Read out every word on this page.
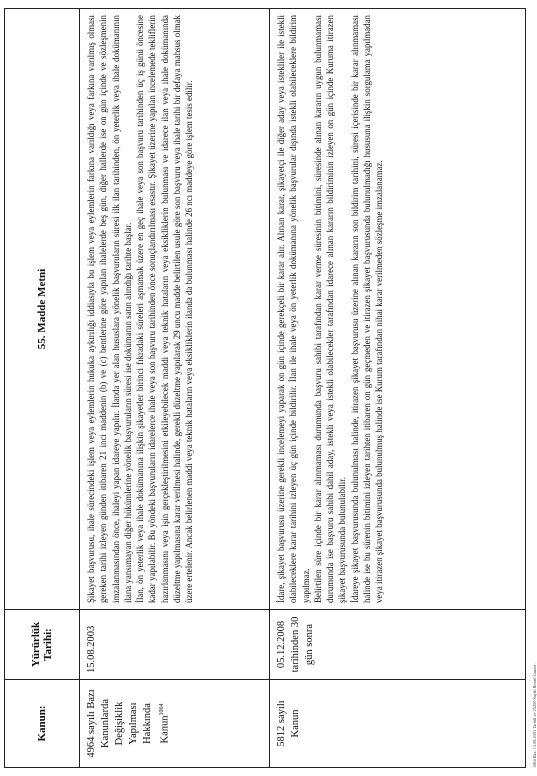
Kanun:	Yürürlük Tarihi:	55. Madde Metni
4964 sayılı Bazı Kanunlarda Değişiklik Yapılması Hakkında Kanun$^{1064}$	15.08.2003	Şikayet başvurusu, ihale sürecindeki işlem veya eylemlerin hukuka aykırılığı iddiasıyla bu işlem veya eylemlerin farkına varıldığı veya farkına varılmış olması gereken tarihi izleyen günden itibaren 21 inci maddenin (b) ve (c) bentlerine göre yapılan ihalelerde beş gün, diğer hallerde ise on gün içinde ve sözleşmenin imzalanmasından önce, ihaleyi yapan idareye yapılır. İlanda yer alan hususlara yönelik başvuruların süresi ilk ilan tarihinden, ön yeterlik veya ihale dokümanının ilana yansımayan diğer hükümlerine yönelik başvuruların süresi ise dokümanın satın alındığı tarihte başlar. İlan, ön yeterlik veya ihale dokümanına ilişkin şikayetler birinci fıkradaki süreleri aşmamak üzere en geç ihale veya son başvuru tarihinden üç iş günü öncesine kadar yapılabilir. Bu yöndeki başvuruların idarelerce ihale veya son başvuru tarihinden önce sonuçlandırılması esastır. Şikayet üzerine yapılan incelemede tekliflerin hazırlanmasını veya işin gerçekleştirilmesini etkileyebilecek maddi veya teknik hataların veya eksikliklerin bulunması ve idarece ilan veya ihale dokümanında düzeltme yapılmasına karar verilmesi halinde, gerekli düzeltme yapılarak 29 uncu madde belirtilen usule göre son başvuru veya ihale tarihi bir defaya mahsus olmak üzere ertelenir. Ancak belirlenen maddi veya teknik hataların veya eksikliklerin ilanda da bulunması halinde 26 ncı maddeye göre işlem tesis edilir.

5812 sayılı Kanun	05.12.2008 tarihinden 30 gün sonra	İdare, şikayet başvurusu üzerine gerekli incelemeyi yaparak on gün içinde gerekçeli bir karar alır. Alınan karar, şikayetçi ile diğer aday veya istekliler ile istekli olabileceklere karar tarihini izleyen üç gün içinde bildirilir. İlan ile ihale veya ön yeterlik dokümanına yönelik başvurular dışında istekli olabileceklere bildirim yapılmaz. Belirtilen süre içinde bir karar alınmaması durumunda başvuru sahibi tarafından karar verme süresinin bitimini, süresinde alınan kararın uygun bulunmaması durumunda ise başvuru sahibi dahil aday, istekli veya istekli olabilecekler tarafından idarece alınan kararın bildiriminin izleyen on gün içinde Kuruma itirazen şikayet başvurusunda bulunulabilir. İdareye şikayet başvurusunda bulunulması halinde, itirazen şikayet başvurusu üzerine alınan kararın son bildirim tarihini, süresi içerisinde bir karar alınmaması halinde ise bu sürenin bitimini izleyen tarihten itibaren on gün geçmeden ve itirazen şikayet başvurusunda bulunulmadığı hususuna ilişkin sorgulama yapılmadan veya itirazen şikayet başvurusunda bulunulmuş halinde ise Kurum tarafından nihai karar verilmeden sözleşme imzalanamaz.

1064 Bkz. 15.08.2003 Tarihli ve 25200 Sayılı Resmî Gazete.
